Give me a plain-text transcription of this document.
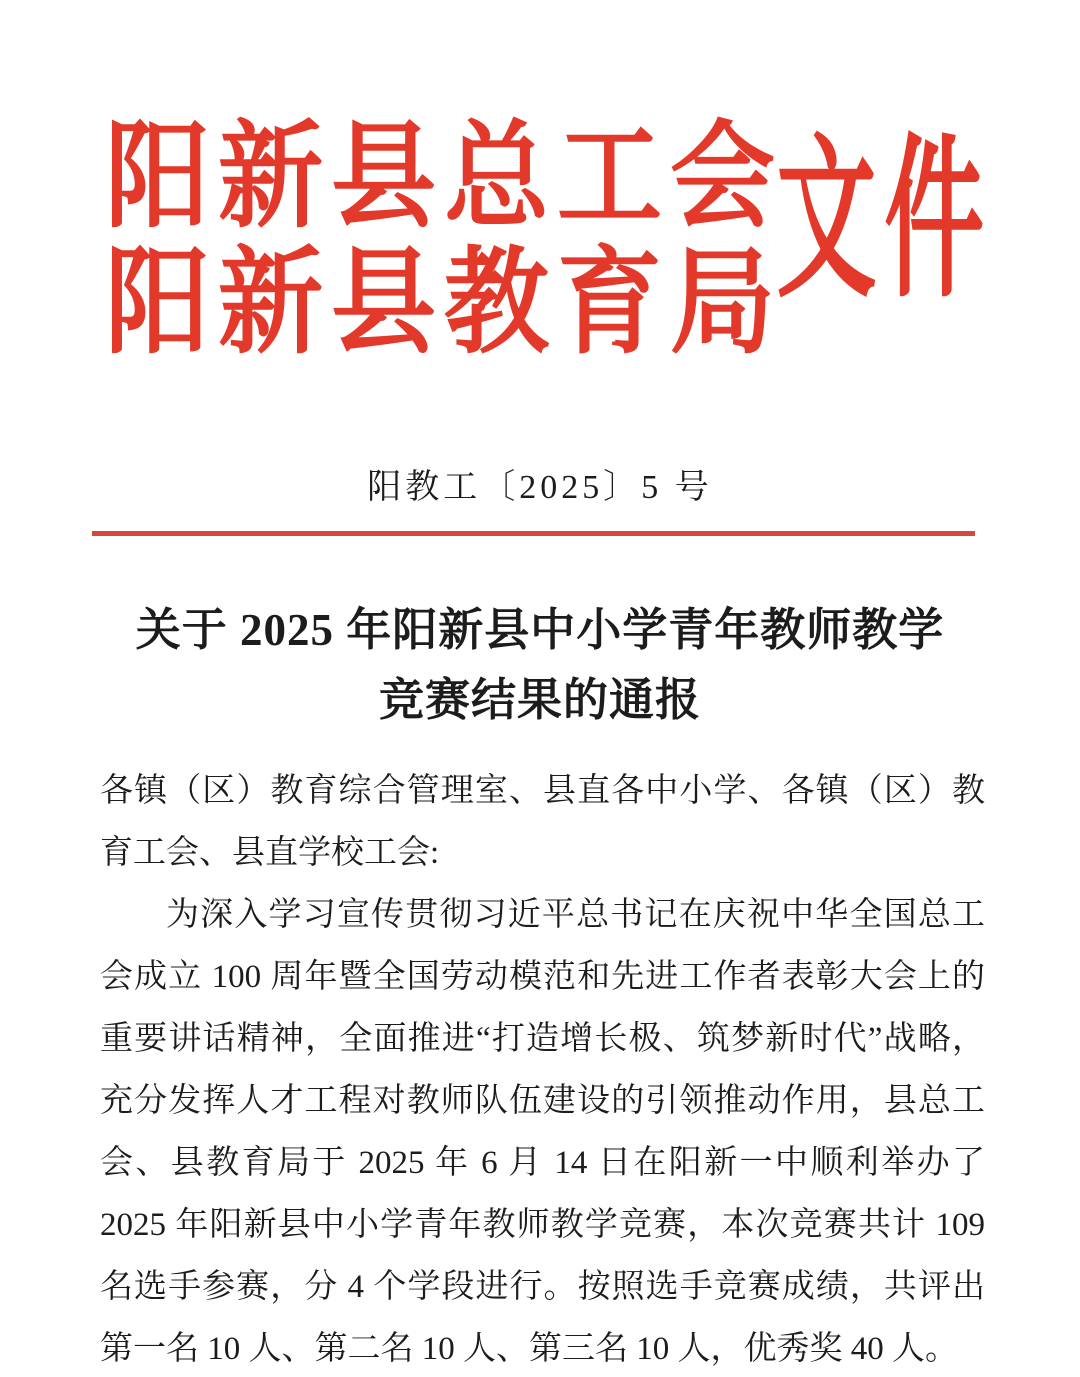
阳新县总工会
阳新县教育局
文件
阳教工〔2025〕5 号
关于 2025 年阳新县中小学青年教师教学
竞赛结果的通报

各镇（区）教育综合管理室、县直各中小学、各镇（区）教育工会、县直学校工会:

为深入学习宣传贯彻习近平总书记在庆祝中华全国总工会成立 100 周年暨全国劳动模范和先进工作者表彰大会上的重要讲话精神，全面推进“打造增长极、筑梦新时代”战略，充分发挥人才工程对教师队伍建设的引领推动作用，县总工会、县教育局于 2025 年 6 月 14 日在阳新一中顺利举办了 2025 年阳新县中小学青年教师教学竞赛，本次竞赛共计 109 名选手参赛，分 4 个学段进行。按照选手竞赛成绩，共评出第一名 10 人、第二名 10 人、第三名 10 人，优秀奖 40 人。
